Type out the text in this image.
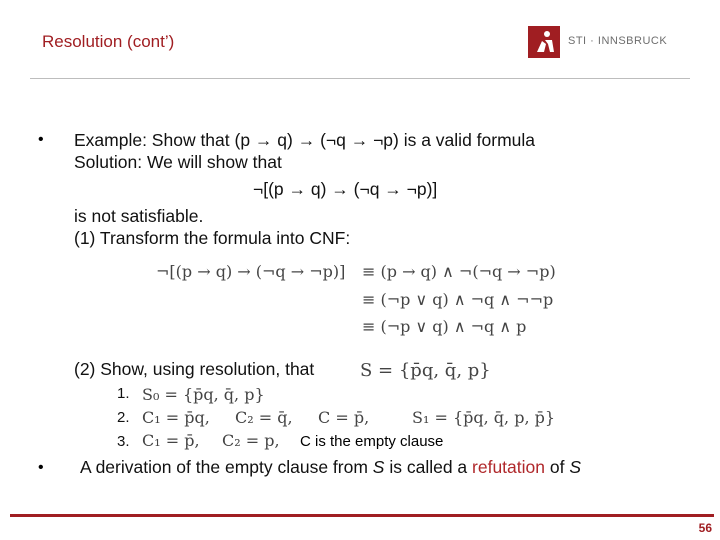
Resolution (cont’)	STI · INNSBRUCK
• Example: Show that (p → q) → (¬q → ¬p) is a valid formula
Solution: We will show that
¬[(p → q) → (¬q → ¬p)]
is not satisfiable.
(1) Transform the formula into CNF:
¬[(p → q) → (¬q → ¬p)] ≡ (p → q) ∧ ¬(¬q → ¬p)
≡ (¬p ∨ q) ∧ ¬q ∧ ¬¬p
≡ (¬p ∨ q) ∧ ¬q ∧ p
(2) Show, using resolution, that	S = {p̄q, q̄, p}
1. S₀ = {p̄q, q̄, p}
2. C₁ = p̄q, C₂ = q̄, C = p̄,	S₁ = {p̄q, q̄, p, p̄}
3. C₁ = p̄, C₂ = p, C is the empty clause
• A derivation of the empty clause from S is called a refutation of S
56
